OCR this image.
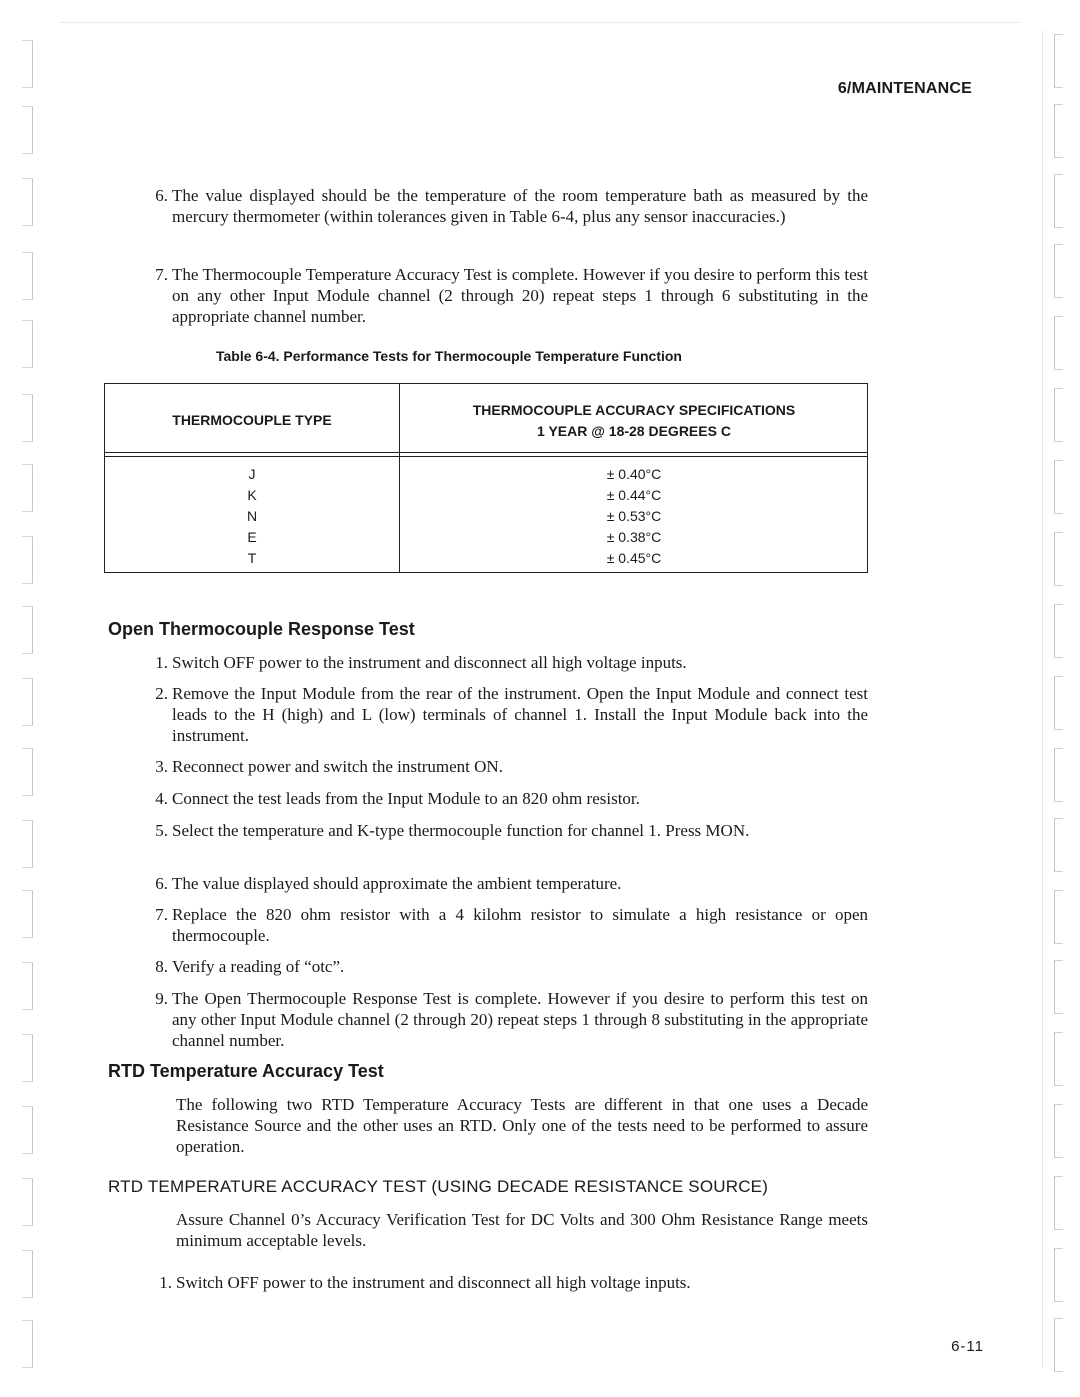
6/MAINTENANCE
6. The value displayed should be the temperature of the room temperature bath as measured by the mercury thermometer (within tolerances given in Table 6-4, plus any sensor inaccuracies.)
7. The Thermocouple Temperature Accuracy Test is complete. However if you desire to perform this test on any other Input Module channel (2 through 20) repeat steps 1 through 6 substituting in the appropriate channel number.
Table 6-4. Performance Tests for Thermocouple Temperature Function
THERMOCOUPLE TYPE
THERMOCOUPLE ACCURACY SPECIFICATIONS
1 YEAR @ 18-28 DEGREES C
J
K
N
E
T
± 0.40°C
± 0.44°C
± 0.53°C
± 0.38°C
± 0.45°C
Open Thermocouple Response Test
1. Switch OFF power to the instrument and disconnect all high voltage inputs.
2. Remove the Input Module from the rear of the instrument. Open the Input Module and connect test leads to the H (high) and L (low) terminals of channel 1. Install the Input Module back into the instrument.
3. Reconnect power and switch the instrument ON.
4. Connect the test leads from the Input Module to an 820 ohm resistor.
5. Select the temperature and K-type thermocouple function for channel 1. Press MON.
6. The value displayed should approximate the ambient temperature.
7. Replace the 820 ohm resistor with a 4 kilohm resistor to simulate a high resistance or open thermocouple.
8. Verify a reading of “otc”.
9. The Open Thermocouple Response Test is complete. However if you desire to perform this test on any other Input Module channel (2 through 20) repeat steps 1 through 8 substituting in the appropriate channel number.
RTD Temperature Accuracy Test
The following two RTD Temperature Accuracy Tests are different in that one uses a Decade Resistance Source and the other uses an RTD. Only one of the tests need to be performed to assure operation.
RTD TEMPERATURE ACCURACY TEST (USING DECADE RESISTANCE SOURCE)
Assure Channel 0’s Accuracy Verification Test for DC Volts and 300 Ohm Resistance Range meets minimum acceptable levels.
1. Switch OFF power to the instrument and disconnect all high voltage inputs.
6-11
